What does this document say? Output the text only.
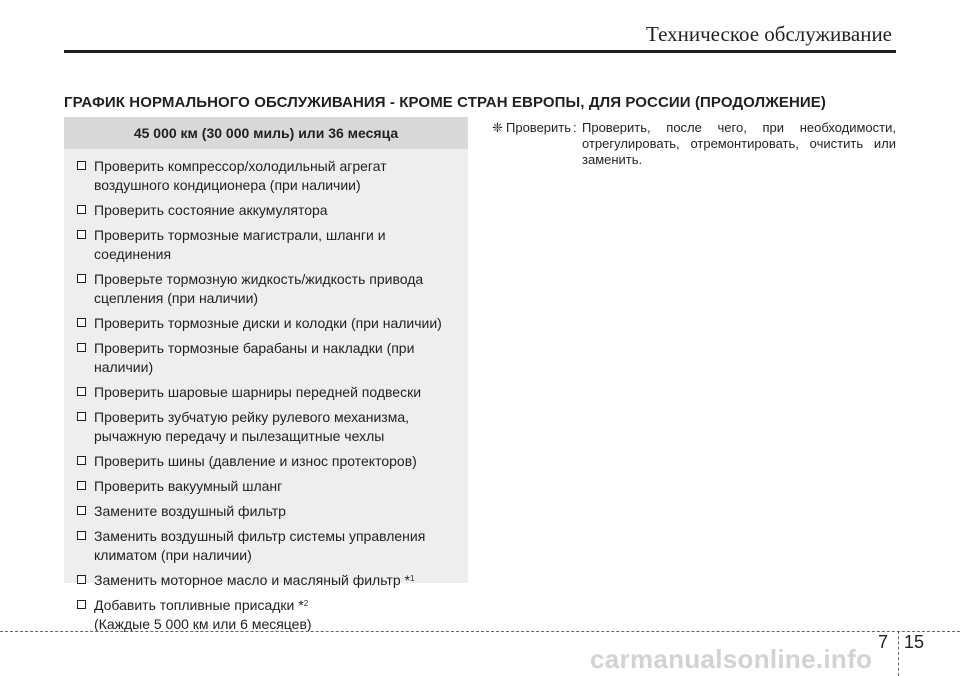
Техническое обслуживание
ГРАФИК НОРМАЛЬНОГО ОБСЛУЖИВАНИЯ - КРОМЕ СТРАН ЕВРОПЫ, ДЛЯ РОССИИ (ПРОДОЛЖЕНИЕ)
45 000 км (30 000 миль) или 36 месяца
Проверить компрессор/холодильный агрегат
воздушного кондиционера (при наличии)
Проверить состояние аккумулятора
Проверить тормозные магистрали, шланги и соединения
Проверьте тормозную жидкость/жидкость привода
сцепления (при наличии)
Проверить тормозные диски и колодки (при наличии)
Проверить тормозные барабаны и накладки (при наличии)
Проверить шаровые шарниры передней подвески
Проверить зубчатую рейку рулевого механизма,
рычажную передачу и пылезащитные чехлы
Проверить шины (давление и износ протекторов)
Проверить вакуумный шланг
Замените воздушный фильтр
Заменить воздушный фильтр системы управления
климатом (при наличии)
Заменить моторное масло и масляный фильтр *$^1$
Добавить топливные присадки *$^2$
(Каждые 5 000 км или 6 месяцев)
❈ Проверить : Проверить, после чего, при необходимости, отрегулировать, отремонтировать, очистить или заменить.
7 15
carmanualsonline.info
